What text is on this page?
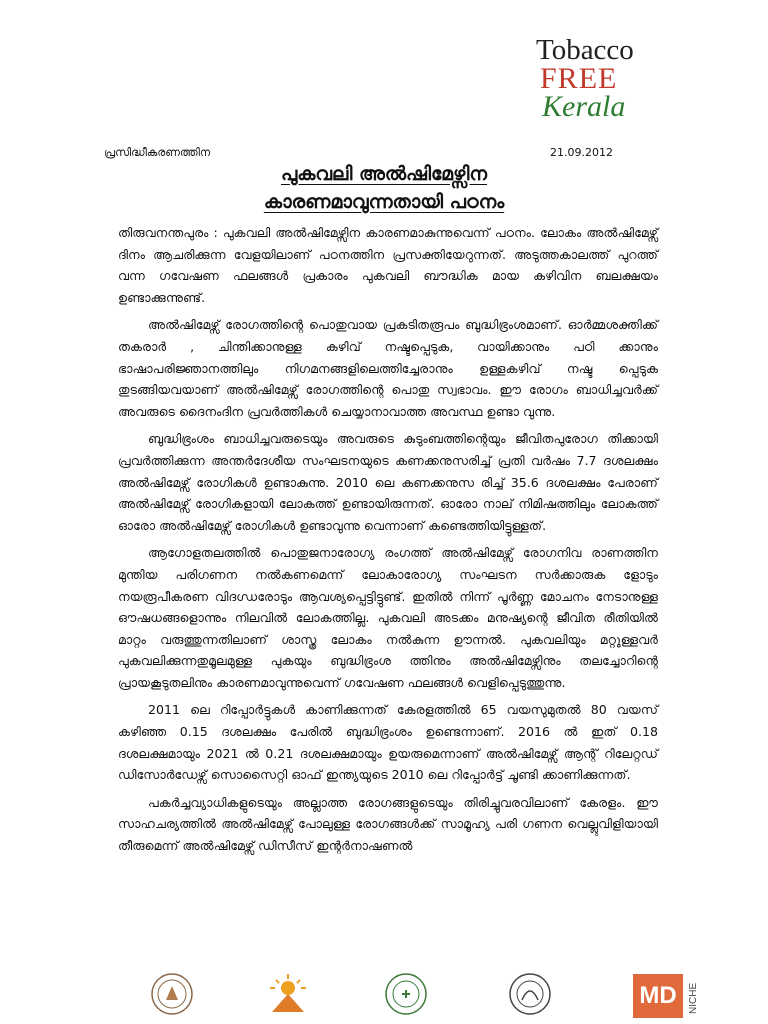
Tobacco
FREE
Kerala
പ്രസിദ്ധീകരണത്തിന	21.09.2012
പുകവലി അൽഷിമേഴ്സിന
കാരണമാവുന്നതായി പഠനം

തിരുവനന്തപുരം : പുകവലി അൽഷിമേഴ്സിന കാരണമാകുന്നുവെന്ന് പഠനം. ലോകം അൽഷിമേഴ്സ് ദിനം ആചരിക്കുന്ന വേളയിലാണ് പഠനത്തിന പ്രസക്തിയേറുന്നത്. അടുത്തകാലത്ത് പുറത്ത് വന്ന ഗവേഷണ ഫലങ്ങൾ പ്രകാരം പുകവലി ബൗദ്ധിക മായ കഴിവിന ബലക്ഷയം ഉണ്ടാക്കുന്നുണ്ട്.

അൽഷിമേഴ്സ് രോഗത്തിന്റെ പൊതുവായ പ്രകടിതരൂപം ബുദ്ധിഭ്രംശമാണ്. ഓർമ്മശക്തിക്ക് തകരാർ , ചിന്തിക്കാനുള്ള കഴിവ് നഷ്ടപ്പെടുക, വായിക്കാനും പഠി ക്കാനും ഭാഷാപരിജ്ഞാനത്തിലും നിഗമനങ്ങളിലെത്തിച്ചേരാനും ഉള്ളകഴിവ് നഷ്ട പ്പെടുക തുടങ്ങിയവയാണ് അൽഷിമേഴ്സ് രോഗത്തിന്റെ പൊതു സ്വഭാവം. ഈ രോഗം ബാധിച്ചവർക്ക് അവരുടെ ദൈനംദിന പ്രവർത്തികൾ ചെയ്യാനാവാത്ത അവസ്ഥ ഉണ്ടാ വുന്നു.

ബുദ്ധിഭ്രംശം ബാധിച്ചവരുടെയും അവരുടെ കുടുംബത്തിന്റെയും ജീവിതപുരോഗ തിക്കായി പ്രവർത്തിക്കുന്ന അന്തർദേശീയ സംഘടനയുടെ കണക്കനുസരിച്ച് പ്രതി വർഷം 7.7 ദശലക്ഷം അൽഷിമേഴ്സ് രോഗികൾ ഉണ്ടാകുന്നു. 2010 ലെ കണക്കനുസ രിച്ച് 35.6 ദശലക്ഷം പേരാണ് അൽഷിമേഴ്സ് രോഗികളായി ലോകത്ത് ഉണ്ടായിരുന്നത്. ഓരോ നാല് നിമിഷത്തിലും ലോകത്ത് ഓരോ അൽഷിമേഴ്സ് രോഗികൾ ഉണ്ടാവുന്നു വെന്നാണ് കണ്ടെത്തിയിട്ടുള്ളത്.

ആഗോളതലത്തിൽ പൊതുജനാരോഗ്യ രംഗത്ത് അൽഷിമേഴ്സ് രോഗനിവ രാണത്തിന മുന്തിയ പരിഗണന നൽകണമെന്ന് ലോകാരോഗ്യ സംഘടന സർക്കാരുക ളോടും നയരൂപീകരണ വിദഗ്ധരോടും ആവശ്യപ്പെട്ടിട്ടുണ്ട്. ഇതിൽ നിന്ന് പൂർണ്ണ മോചനം നേടാനുള്ള ഔഷധങ്ങളൊന്നും നിലവിൽ ലോകത്തില്ല. പുകവലി അടക്കം മനുഷ്യന്റെ ജീവിത രീതിയിൽ മാറ്റം വരുത്തുന്നതിലാണ് ശാസ്ത്ര ലോകം നൽകുന്ന ഊന്നൽ. പുകവലിയും മറ്റുള്ളവർ പുകവലിക്കുന്നതുമൂലമുള്ള പുകയും ബുദ്ധിഭ്രംശ ത്തിനും അൽഷിമേഴ്സിനും തലച്ചോറിന്റെ പ്രായകൂടുതലിനും കാരണമാവുന്നുവെന്ന് ഗവേഷണ ഫലങ്ങൾ വെളിപ്പെടുത്തുന്നു.

2011 ലെ റിപ്പോർട്ടുകൾ കാണിക്കുന്നത് കേരളത്തിൽ 65 വയസുമുതൽ 80 വയസ് കഴിഞ്ഞ 0.15 ദശലക്ഷം പേരിൽ ബുദ്ധിഭ്രംശം ഉണ്ടെന്നാണ്. 2016 ൽ ഇത് 0.18 ദശലക്ഷമായും 2021 ൽ 0.21 ദശലക്ഷമായും ഉയരുമെന്നാണ് അൽഷിമേഴ്സ് ആന്റ് റിലേറ്റഡ് ഡിസോർഡേഴ്സ് സൊസൈറ്റി ഓഫ് ഇന്ത്യയുടെ 2010 ലെ റിപ്പോർട്ട് ചൂണ്ടി ക്കാണിക്കുന്നത്.

പകർച്ചവ്യാധികളുടെയും അല്ലാത്ത രോഗങ്ങളുടെയും തിരിച്ചുവരവിലാണ് കേരളം. ഈ സാഹചര്യത്തിൽ അൽഷിമേഴ്സ് പോലുള്ള രോഗങ്ങൾക്ക് സാമൂഹ്യ പരി ഗണന വെല്ലുവിളിയായി തീരുമെന്ന് അൽഷിമേഴ്സ് ഡിസീസ് ഇന്റർനാഷണൽ

MD	NICHE
